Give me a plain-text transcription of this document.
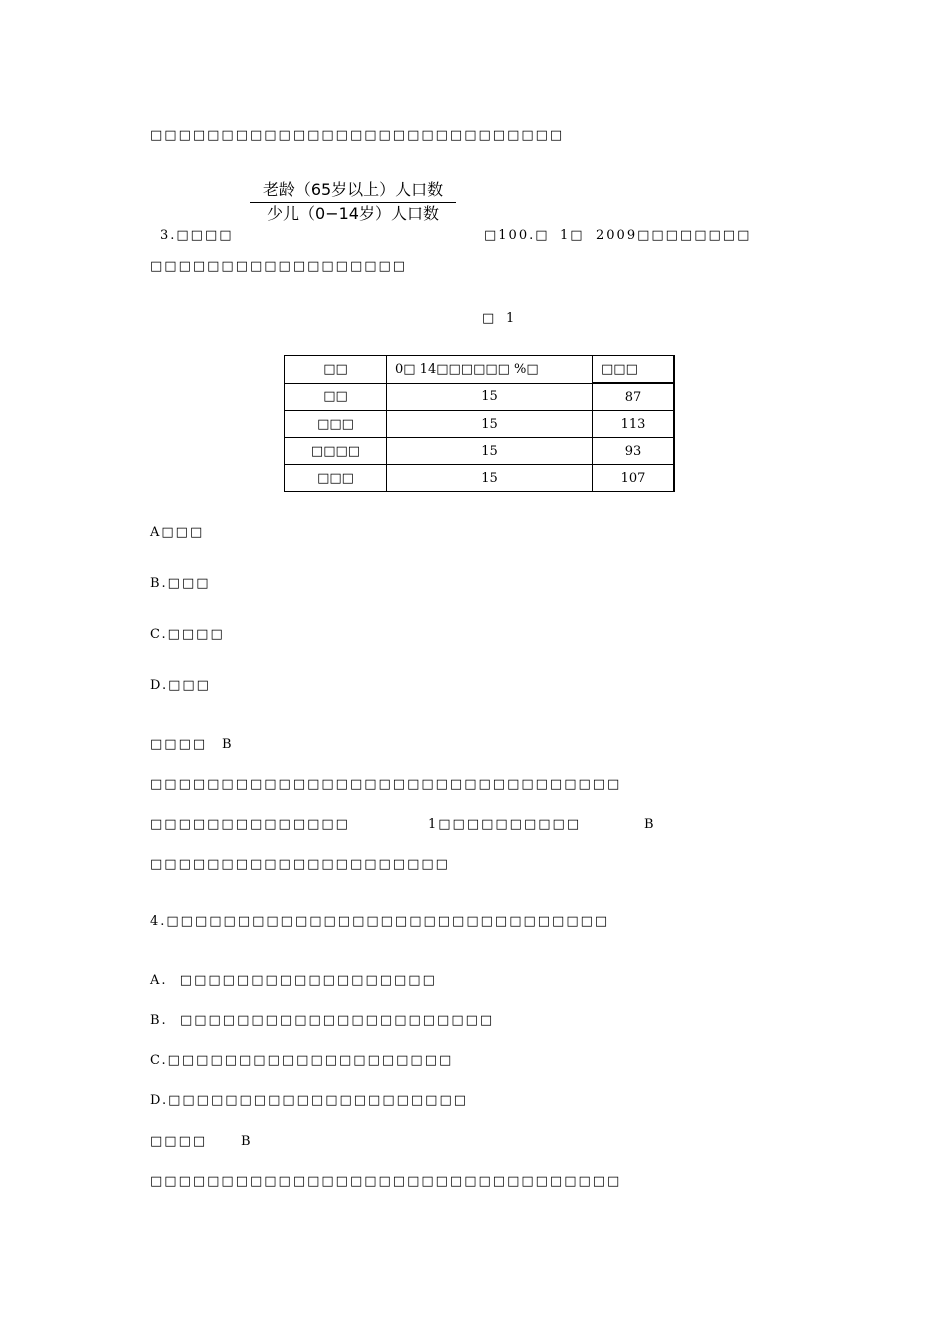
□□□□□□□□□□□□□□□□□□□□□□□□□□□□□
老龄（65岁以上）人口数
少儿（0−14岁）人口数
3.□□□□	□100.□ 1□ 2009□□□□□□□□
□□□□□□□□□□□□□□□□□□
□ 1
□□	0□ 14□□□□□□ %□	□□□
□□	15	87
□□□	15	113
□□□□	15	93
□□□	15	107
A□□□
B.□□□
C.□□□□
D.□□□
□□□□ B
□□□□□□□□□□□□□□□□□□□□□□□□□□□□□□□□□
□□□□□□□□□□□□□□	1□□□□□□□□□□	B
□□□□□□□□□□□□□□□□□□□□□
4.□□□□□□□□□□□□□□□□□□□□□□□□□□□□□□□
A.  □□□□□□□□□□□□□□□□□□
B.  □□□□□□□□□□□□□□□□□□□□□□
C.□□□□□□□□□□□□□□□□□□□□
D.□□□□□□□□□□□□□□□□□□□□□
□□□□	B
□□□□□□□□□□□□□□□□□□□□□□□□□□□□□□□□□
